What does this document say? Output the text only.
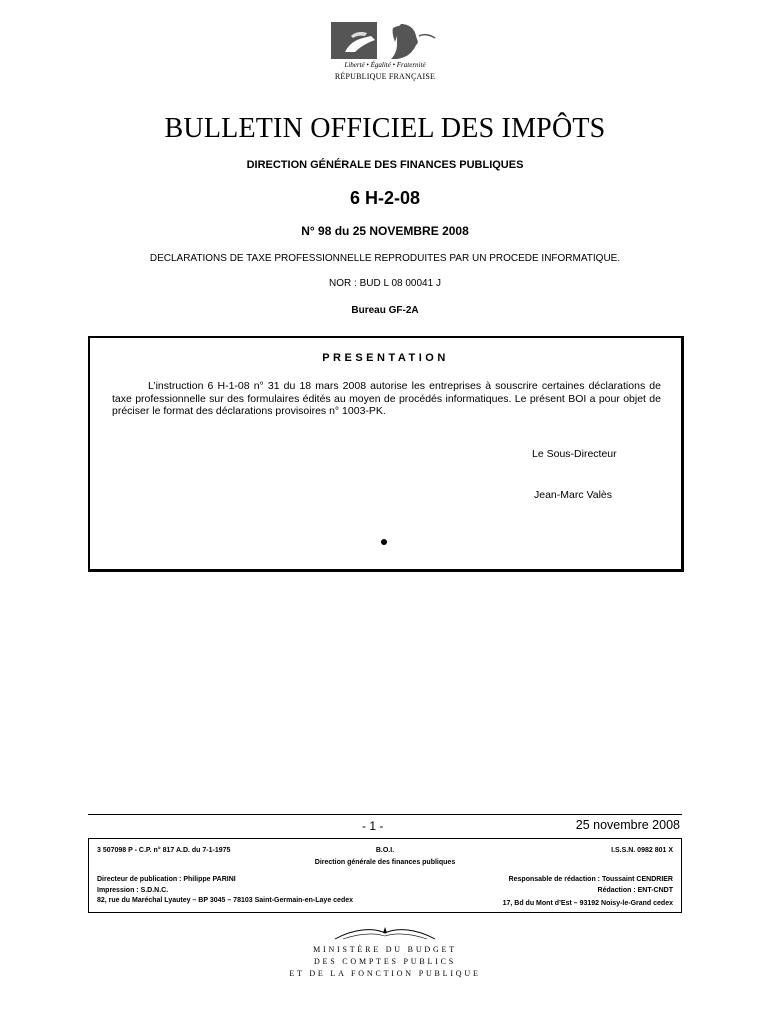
Liberté • Égalité • Fraternité
RÉPUBLIQUE FRANÇAISE
BULLETIN OFFICIEL DES IMPÔTS
DIRECTION GÉNÉRALE DES FINANCES PUBLIQUES
6 H-2-08
N° 98 du 25 NOVEMBRE 2008
DECLARATIONS DE TAXE PROFESSIONNELLE REPRODUITES PAR UN PROCEDE INFORMATIQUE.
NOR : BUD L 08 00041 J
Bureau GF-2A
PRESENTATION

L’instruction 6 H-1-08 n° 31 du 18 mars 2008 autorise les entreprises à souscrire certaines déclarations de taxe professionnelle sur des formulaires édités au moyen de procédés informatiques. Le présent BOI a pour objet de préciser le format des déclarations provisoires n° 1003-PK.

Le Sous-Directeur
Jean-Marc Valès
- 1 -	25 novembre 2008
3 507098 P - C.P. n° 817 A.D. du 7-1-1975	B.O.I.	I.S.S.N. 0982 801 X
Direction générale des finances publiques
Directeur de publication : Philippe PARINI	Responsable de rédaction : Toussaint CENDRIER
Impression : S.D.N.C.	Rédaction : ENT-CNDT
82, rue du Maréchal Lyautey – BP 3045 – 78103 Saint-Germain-en-Laye cedex	17, Bd du Mont d’Est – 93192 Noisy-le-Grand cedex
MINISTÈRE DU BUDGET
DES COMPTES PUBLICS
ET DE LA FONCTION PUBLIQUE
